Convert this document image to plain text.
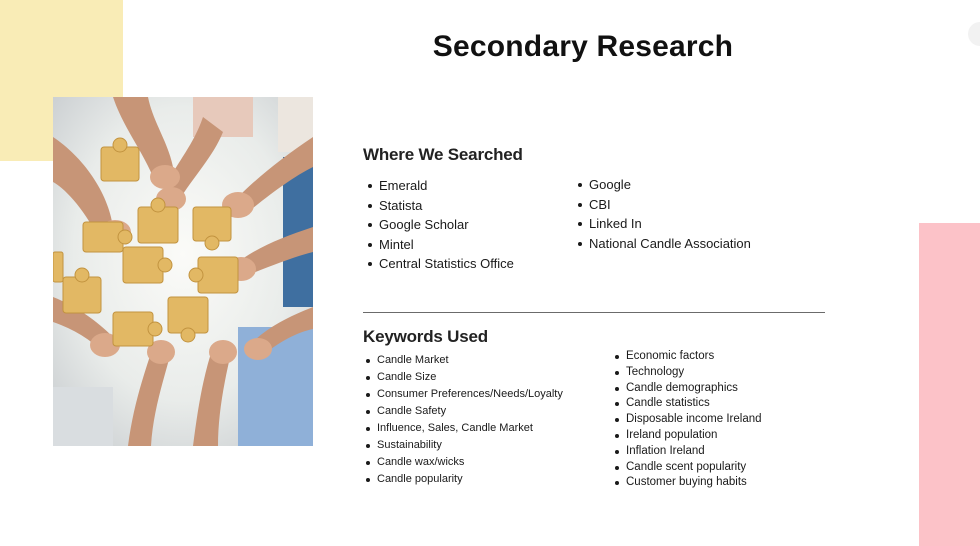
Secondary Research
Where We Searched
Emerald
Statista
Google Scholar
Mintel
Central Statistics Office
Google
CBI
Linked In
National Candle Association
Keywords Used
Candle Market
Candle Size
Consumer Preferences/Needs/Loyalty
Candle Safety
Influence, Sales, Candle Market
Sustainability
Candle wax/wicks
Candle popularity
Economic factors
Technology
Candle demographics
Candle statistics
Disposable income Ireland
Ireland population
Inflation Ireland
Candle scent popularity
Customer buying habits
